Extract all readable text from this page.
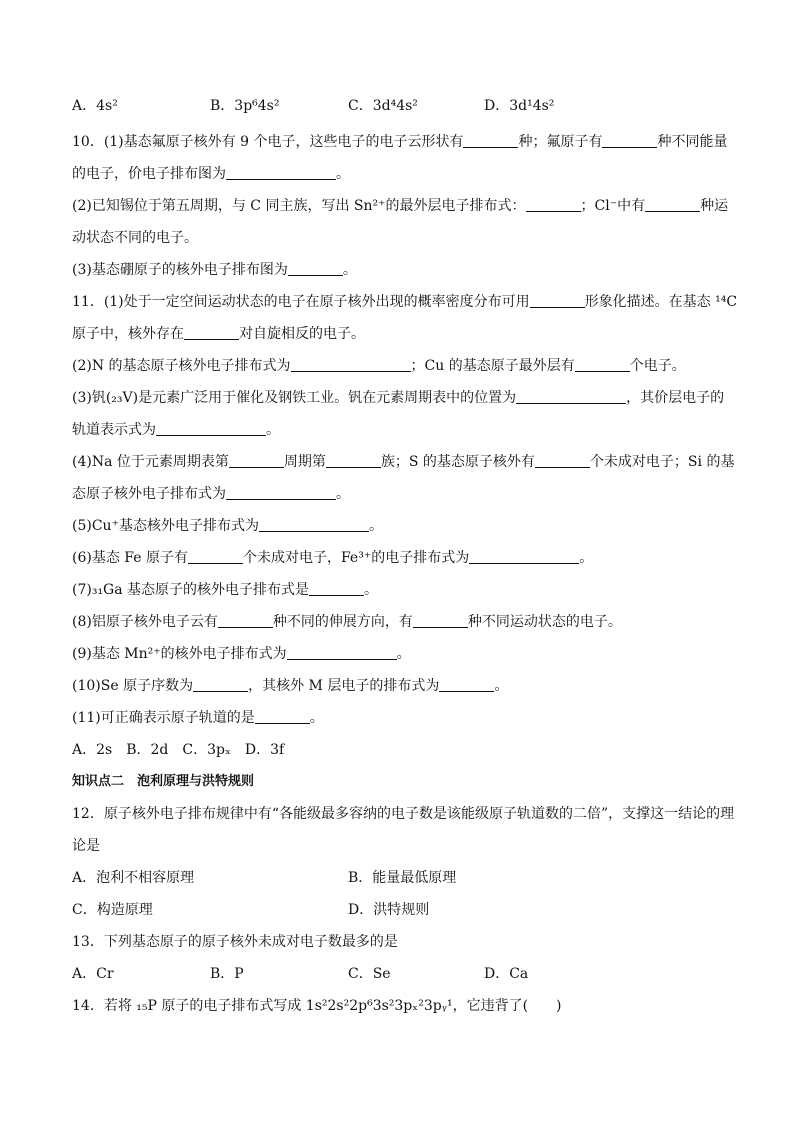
A．4s²	B．3p⁶4s²	C．3d⁴4s²	D．3d¹4s²
10．(1)基态氟原子核外有 9 个电子，这些电子的电子云形状有	种；氟原子有	种不同能量
的电子，价电子排布图为	。
(2)已知锡位于第五周期，与 C 同主族，写出 Sn²⁺的最外层电子排布式：	；Cl⁻中有	种运
动状态不同的电子。
(3)基态硼原子的核外电子排布图为	。
11．(1)处于一定空间运动状态的电子在原子核外出现的概率密度分布可用	形象化描述。在基态 ¹⁴C
原子中，核外存在	对自旋相反的电子。
(2)N 的基态原子核外电子排布式为	；Cu 的基态原子最外层有	个电子。
(3)钒(₂₃V)是元素广泛用于催化及钢铁工业。钒在元素周期表中的位置为	，其价层电子的
轨道表示式为	。
(4)Na 位于元素周期表第	周期第	族；S 的基态原子核外有	个未成对电子；Si 的基
态原子核外电子排布式为	。
(5)Cu⁺基态核外电子排布式为	。
(6)基态 Fe 原子有	个未成对电子，Fe³⁺的电子排布式为	。
(7)₃₁Ga 基态原子的核外电子排布式是	。
(8)铝原子核外电子云有	种不同的伸展方向，有	种不同运动状态的电子。
(9)基态 Mn²⁺的核外电子排布式为	。
(10)Se 原子序数为	，其核外 M 层电子的排布式为	。
(11)可正确表示原子轨道的是	。
A．2s　B．2d　C．3pₓ　D．3f
知识点二　泡利原理与洪特规则
12．原子核外电子排布规律中有“各能级最多容纳的电子数是该能级原子轨道数的二倍”，支撑这一结论的理
论是
A．泡利不相容原理	B．能量最低原理
C．构造原理	D．洪特规则
13．下列基态原子的原子核外未成对电子数最多的是
A．Cr	B．P	C．Se	D．Ca
14．若将 ₁₅P 原子的电子排布式写成 1s²2s²2p⁶3s²3pₓ²3pᵧ¹，它违背了(　　)
